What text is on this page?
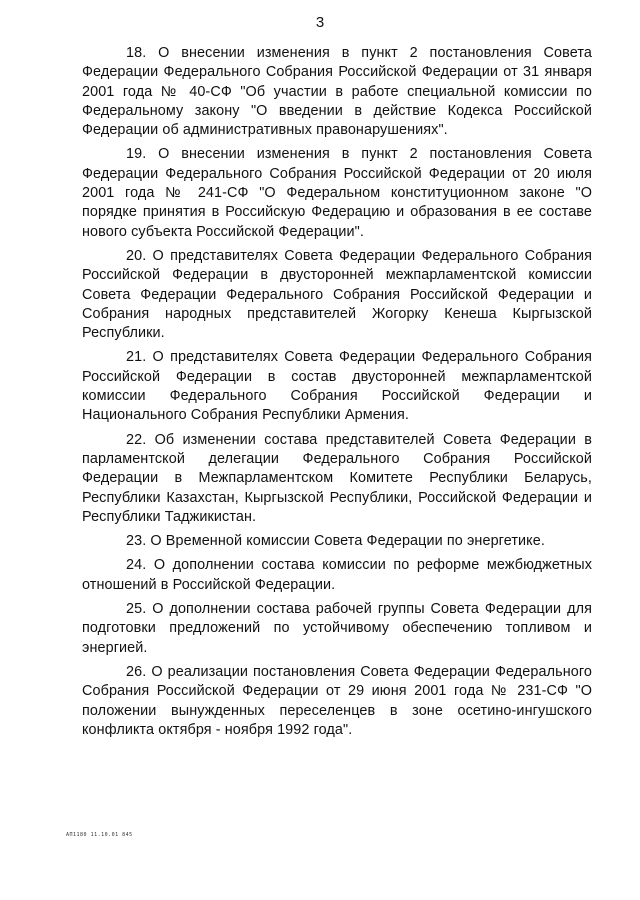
3

18. О внесении изменения в пункт 2 постановления Совета Федерации Федерального Собрания Российской Федерации от 31 января 2001 года № 40-СФ "Об участии в работе специальной комиссии по Федеральному закону "О введении в действие Кодекса Российской Федерации об административных правонарушениях".

19. О внесении изменения в пункт 2 постановления Совета Федерации Федерального Собрания Российской Федерации от 20 июля 2001 года № 241-СФ "О Федеральном конституционном законе "О порядке принятия в Российскую Федерацию и образования в ее составе нового субъекта Российской Федерации".

20. О представителях Совета Федерации Федерального Собрания Российской Федерации в двусторонней межпарламентской комиссии Совета Федерации Федерального Собрания Российской Федерации и Собрания народных представителей Жогорку Кенеша Кыргызской Республики.

21. О представителях Совета Федерации Федерального Собрания Российской Федерации в состав двусторонней межпарламентской комиссии Федерального Собрания Российской Федерации и Национального Собрания Республики Армения.

22. Об изменении состава представителей Совета Федерации в парламентской делегации Федерального Собрания Российской Федерации в Межпарламентском Комитете Республики Беларусь, Республики Казахстан, Кыргызской Республики, Российской Федерации и Республики Таджикистан.

23. О Временной комиссии Совета Федерации по энергетике.

24. О дополнении состава комиссии по реформе межбюджетных отношений в Российской Федерации.

25. О дополнении состава рабочей группы Совета Федерации для подготовки предложений по устойчивому обеспечению топливом и энергией.

26. О реализации постановления Совета Федерации Федерального Собрания Российской Федерации от 29 июня 2001 года № 231-СФ "О положении вынужденных переселенцев в зоне осетино-ингушского конфликта октября - ноября 1992 года".

АП1180 11.10.01 845
